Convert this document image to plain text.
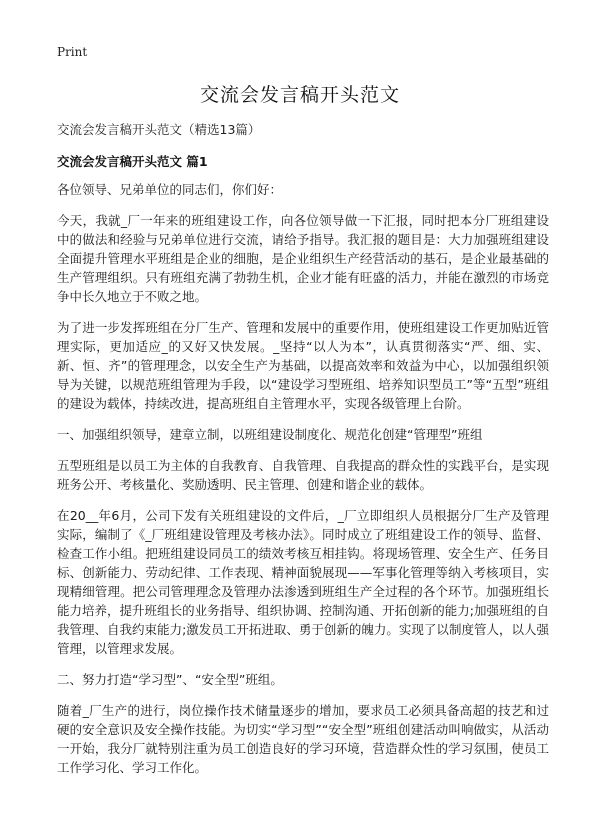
Print
交流会发言稿开头范文
交流会发言稿开头范文（精选13篇）
交流会发言稿开头范文 篇1

各位领导、兄弟单位的同志们，你们好：

今天，我就_厂一年来的班组建设工作，向各位领导做一下汇报，同时把本分厂班组建设中的做法和经验与兄弟单位进行交流，请给予指导。我汇报的题目是：大力加强班组建设全面提升管理水平班组是企业的细胞，是企业组织生产经营活动的基石，是企业最基础的生产管理组织。只有班组充满了勃勃生机，企业才能有旺盛的活力，并能在激烈的市场竞争中长久地立于不败之地。

为了进一步发挥班组在分厂生产、管理和发展中的重要作用，使班组建设工作更加贴近管理实际，更加适应_的又好又快发展。_坚持“以人为本”，认真贯彻落实“严、细、实、新、恒、齐”的管理理念，以安全生产为基础，以提高效率和效益为中心，以加强组织领导为关键，以规范班组管理为手段，以“建设学习型班组、培养知识型员工”等“五型”班组的建设为载体，持续改进，提高班组自主管理水平，实现各级管理上台阶。

一、加强组织领导，建章立制，以班组建设制度化、规范化创建“管理型”班组

五型班组是以员工为主体的自我教育、自我管理、自我提高的群众性的实践平台，是实现班务公开、考核量化、奖励透明、民主管理、创建和谐企业的载体。

在20__年6月，公司下发有关班组建设的文件后，_厂立即组织人员根据分厂生产及管理实际，编制了《_厂班组建设管理及考核办法》。同时成立了班组建设工作的领导、监督、检查工作小组。把班组建设同员工的绩效考核互相挂钩。将现场管理、安全生产、任务目标、创新能力、劳动纪律、工作表现、精神面貌展现——军事化管理等纳入考核项目，实现精细管理。把公司管理理念及管理办法渗透到班组生产全过程的各个环节。加强班组长能力培养，提升班组长的业务指导、组织协调、控制沟通、开拓创新的能力;加强班组的自我管理、自我约束能力;激发员工开拓进取、勇于创新的魄力。实现了以制度管人，以人强管理，以管理求发展。

二、努力打造“学习型”、“安全型”班组。

随着_厂生产的进行，岗位操作技术储量逐步的增加，要求员工必须具备高超的技艺和过硬的安全意识及安全操作技能。为切实“学习型”“安全型”班组创建活动叫响做实，从活动一开始，我分厂就特别注重为员工创造良好的学习环境，营造群众性的学习氛围，使员工工作学习化、学习工作化。
